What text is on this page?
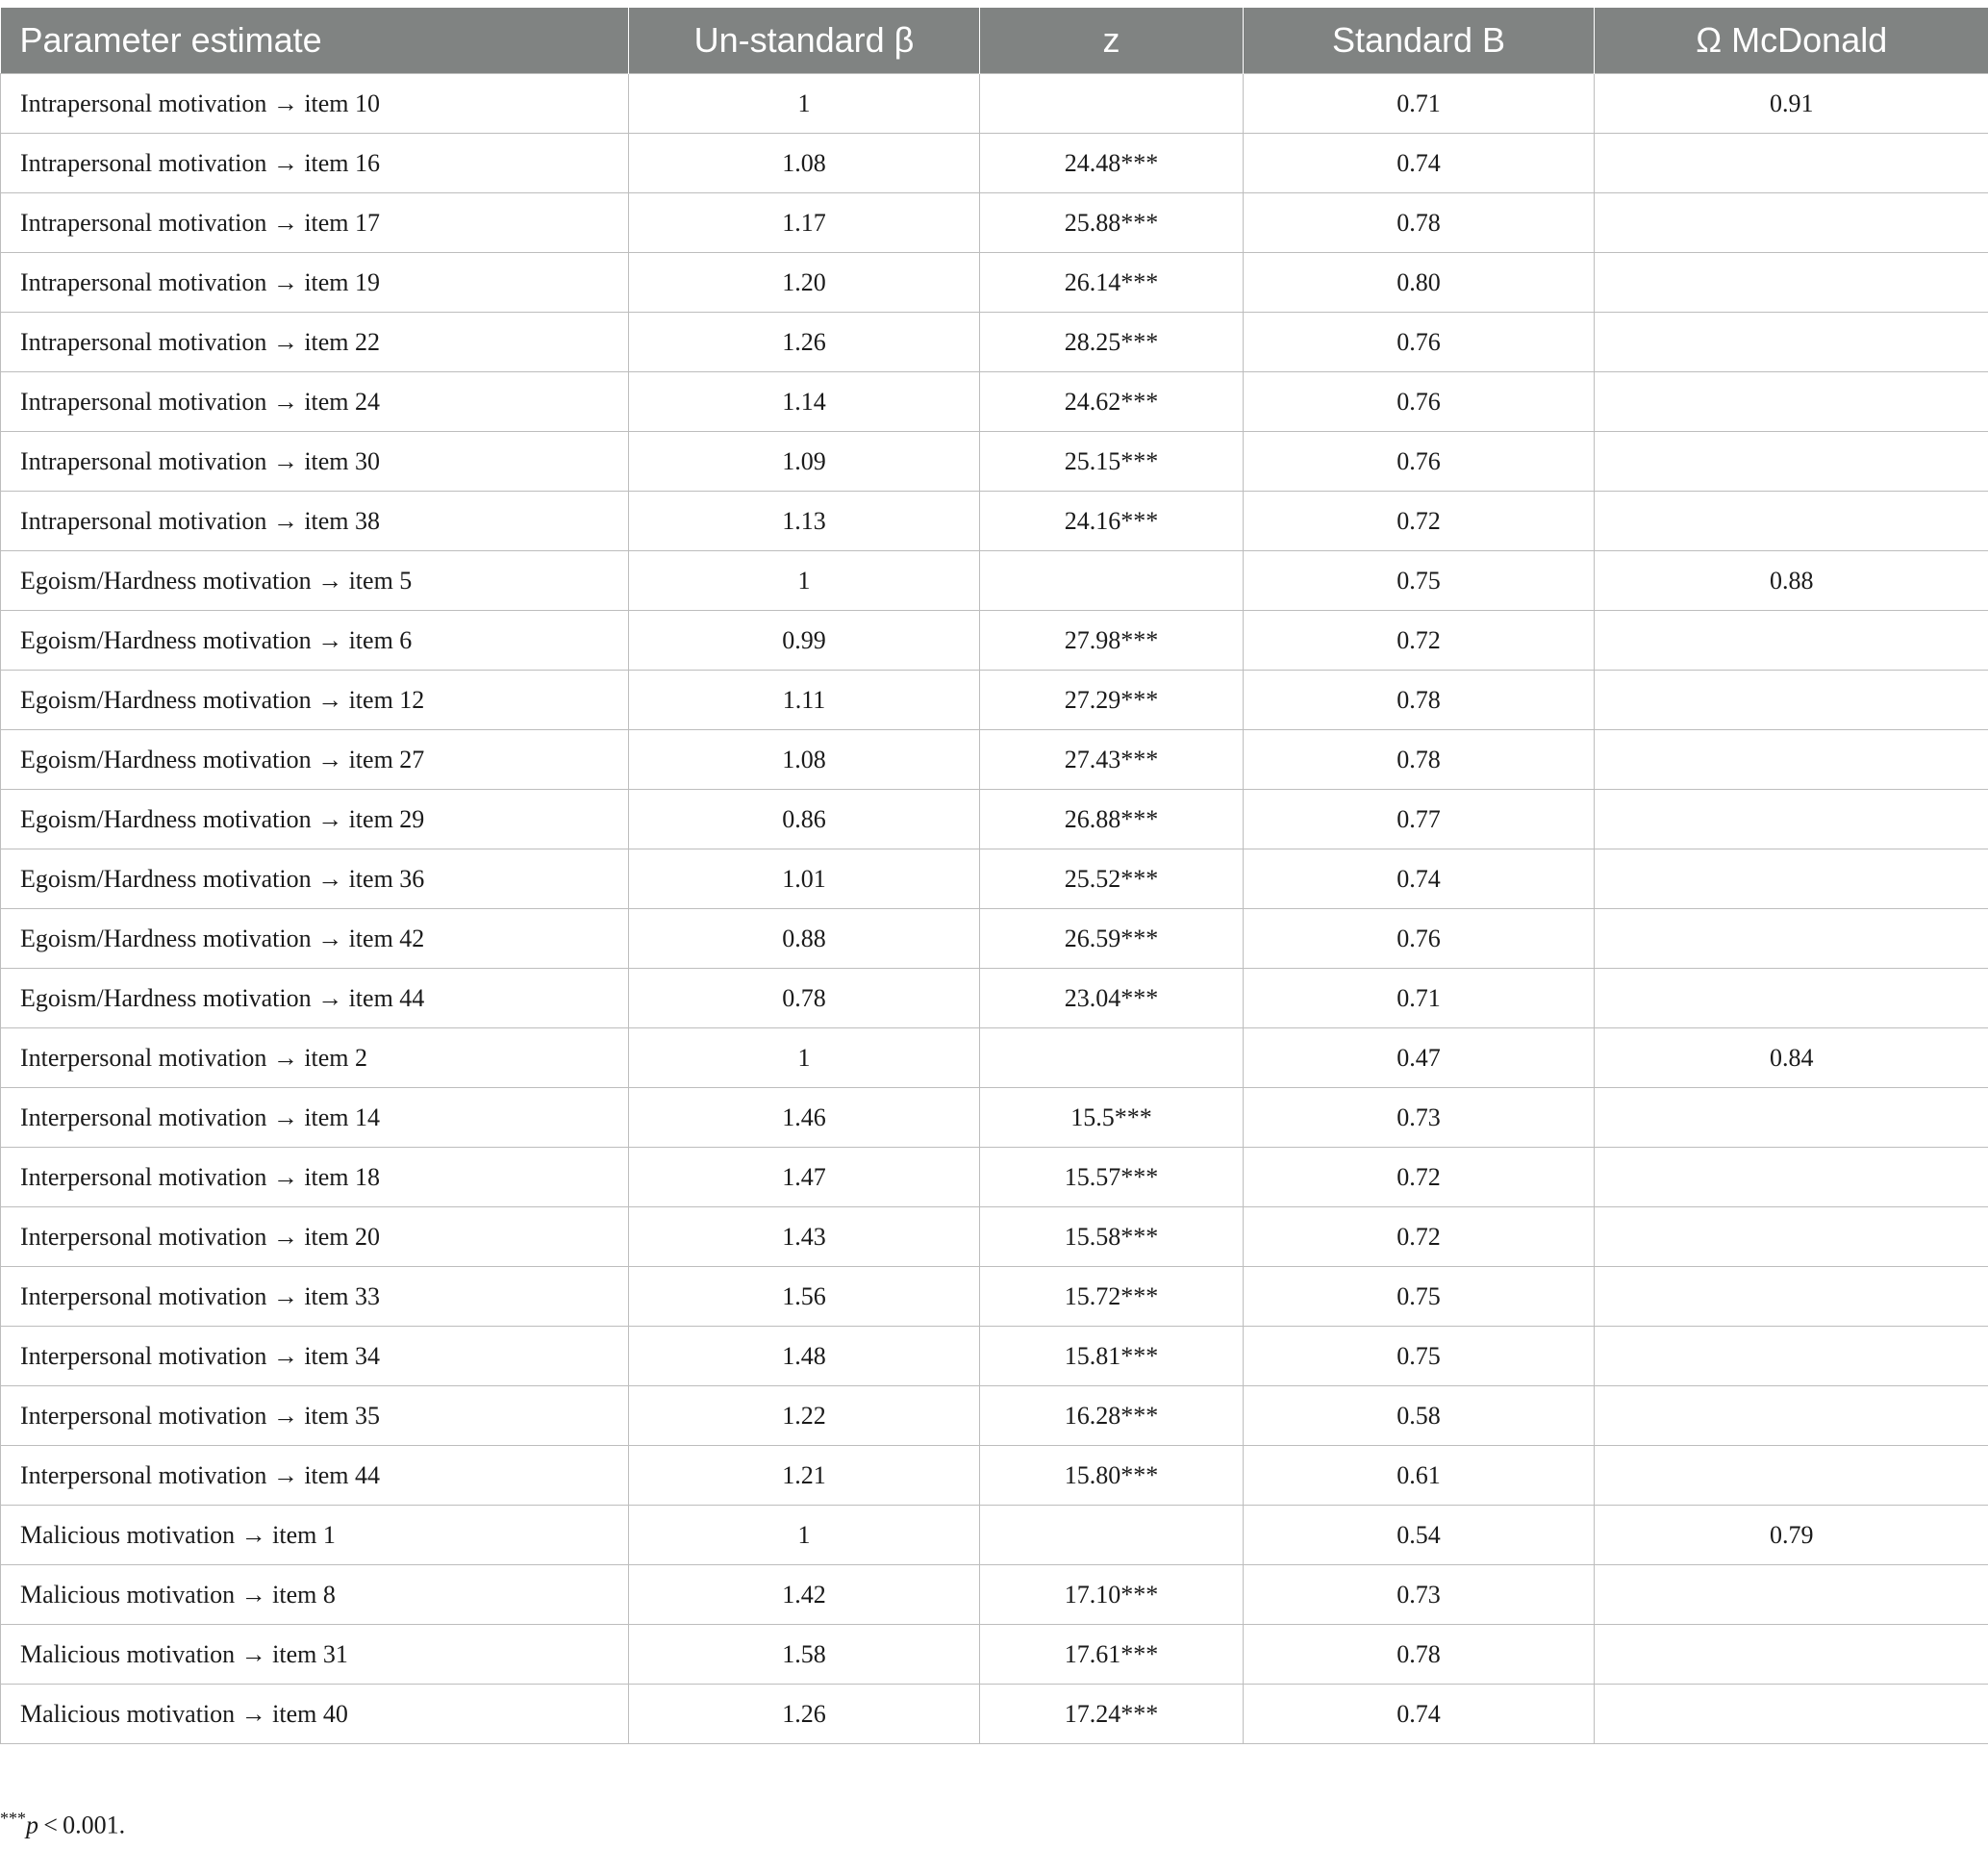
Parameter estimate	Un-standard β	z	Standard Β	Ω McDonald
Intrapersonal motivation → item 10	1		0.71	0.91
Intrapersonal motivation → item 16	1.08	24.48***	0.74	
Intrapersonal motivation → item 17	1.17	25.88***	0.78	
Intrapersonal motivation → item 19	1.20	26.14***	0.80	
Intrapersonal motivation → item 22	1.26	28.25***	0.76	
Intrapersonal motivation → item 24	1.14	24.62***	0.76	
Intrapersonal motivation → item 30	1.09	25.15***	0.76	
Intrapersonal motivation → item 38	1.13	24.16***	0.72	
Egoism/Hardness motivation → item 5	1		0.75	0.88
Egoism/Hardness motivation → item 6	0.99	27.98***	0.72	
Egoism/Hardness motivation → item 12	1.11	27.29***	0.78	
Egoism/Hardness motivation → item 27	1.08	27.43***	0.78	
Egoism/Hardness motivation → item 29	0.86	26.88***	0.77	
Egoism/Hardness motivation → item 36	1.01	25.52***	0.74	
Egoism/Hardness motivation → item 42	0.88	26.59***	0.76	
Egoism/Hardness motivation → item 44	0.78	23.04***	0.71	
Interpersonal motivation → item 2	1		0.47	0.84
Interpersonal motivation → item 14	1.46	15.5***	0.73	
Interpersonal motivation → item 18	1.47	15.57***	0.72	
Interpersonal motivation → item 20	1.43	15.58***	0.72	
Interpersonal motivation → item 33	1.56	15.72***	0.75	
Interpersonal motivation → item 34	1.48	15.81***	0.75	
Interpersonal motivation → item 35	1.22	16.28***	0.58	
Interpersonal motivation → item 44	1.21	15.80***	0.61	
Malicious motivation → item 1	1		0.54	0.79
Malicious motivation → item 8	1.42	17.10***	0.73	
Malicious motivation → item 31	1.58	17.61***	0.78	
Malicious motivation → item 40	1.26	17.24***	0.74	
***p < 0.001.
